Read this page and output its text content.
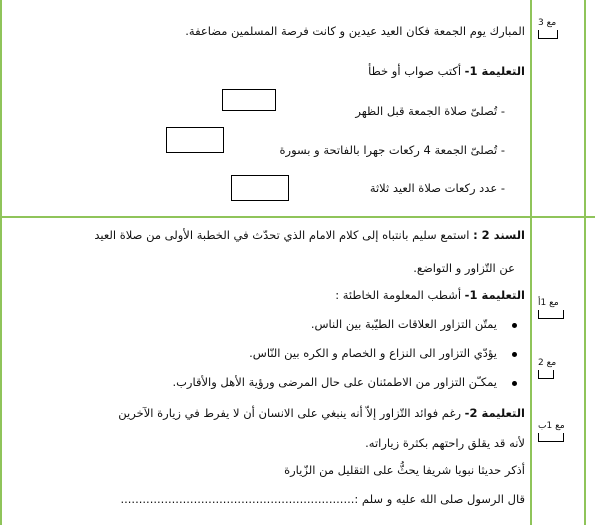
المبارك يوم الجمعة فكان العيد عيدين و كانت فرصة المسلمين مضاعفة.
التعليمة 1- أكتب صواب أو خطأ
- تُصلىّ صلاة الجمعة قبل الظهر
- تُصلىّ الجمعة 4 ركعات جهرا بالفاتحة و بسورة
- عدد ركعات صلاة العيد ثلاثة
مع 3
السند 2 : استمع سليم بانتباه إلى كلام الامام الذي تحدّث في الخطبة الأولى من صلاة العيد
عن التّزاور و التواضع.
التعليمة 1- أشطب المعلومة الخاطئة :
يمتّن التزاور العلاقات الطيّبة بين الناس.
يؤدّي التزاور الى النزاع و الخصام و الكره بين النّاس.
يمكـّن التزاور من الاطمئنان على حال المرضى ورؤية الأهل والأقارب.
التعليمة 2- رغم فوائد التّزاور إلاّ أنه ينبغي على الانسان أن لا يفرط في زيارة الآخرين
لأنه قد يقلق راحتهم بكثرة زياراته.
أذكر حديثا نبويا شريفا يحثُّ على التقليل من الزّيارة
قال الرسول صلى الله عليه و سلم :................................................................
مع 1أ
مع 2
مع 1ب
